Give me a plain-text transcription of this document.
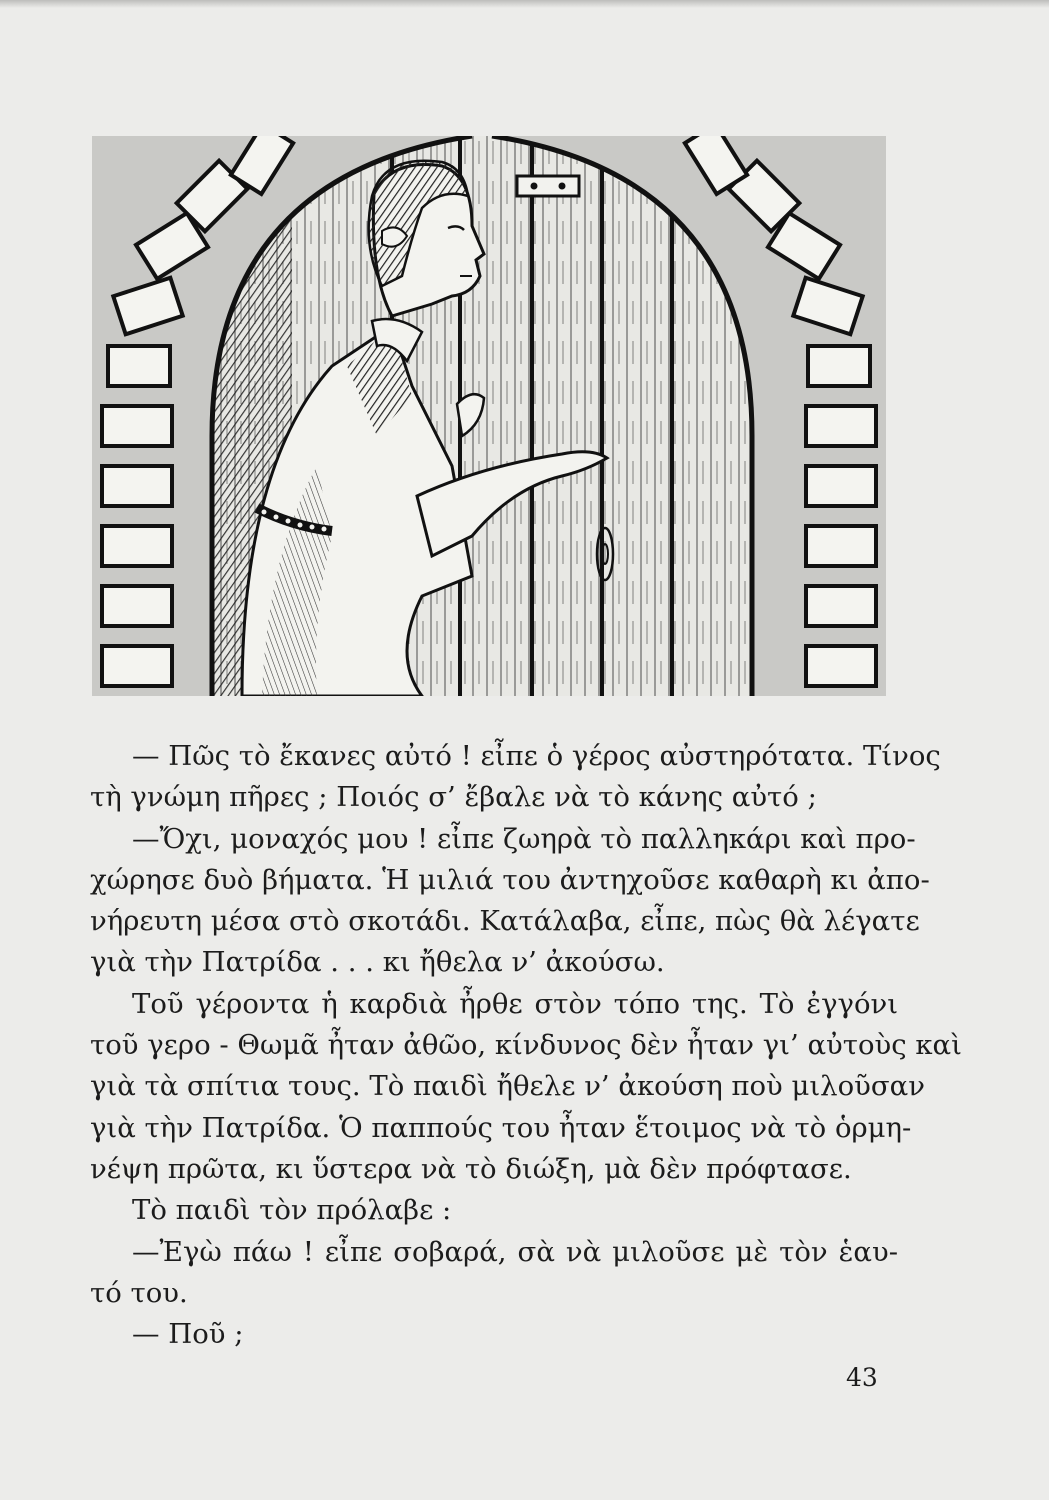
— Πῶς τὸ ἔκανες αὐτό ! εἶπε ὁ γέρος αὐστηρότατα. Τίνος
τὴ γνώμη πῆρες ; Ποιός σ’ ἔβαλε νὰ τὸ κάνης αὐτό ;
—Ὄχι, μοναχός μου ! εἶπε ζωηρὰ τὸ παλληκάρι καὶ προ-
χώρησε δυὸ βήματα. Ἡ μιλιά του ἀντηχοῦσε καθαρὴ κι ἀπο-
νήρευτη μέσα στὸ σκοτάδι. Κατάλαβα, εἶπε, πὼς θὰ λέγατε
γιὰ τὴν Πατρίδα . . . κι ἤθελα ν’ ἀκούσω.
Τοῦ γέροντα ἡ καρδιὰ ἦρθε στὸν τόπο της. Τὸ ἐγγόνι
τοῦ γερο - Θωμᾶ ἦταν ἀθῶο, κίνδυνος δὲν ἦταν γι’ αὐτοὺς καὶ
γιὰ τὰ σπίτια τους. Τὸ παιδὶ ἤθελε ν’ ἀκούση ποὺ μιλοῦσαν
γιὰ τὴν Πατρίδα. Ὁ παππούς του ἦταν ἕτοιμος νὰ τὸ ὁρμη-
νέψη πρῶτα, κι ὕστερα νὰ τὸ διώξη, μὰ δὲν πρόφτασε.
Τὸ παιδὶ τὸν πρόλαβε :
—Ἐγὼ πάω ! εἶπε σοβαρά, σὰ νὰ μιλοῦσε μὲ τὸν ἑαυ-
τό του.
— Ποῦ ;
43
